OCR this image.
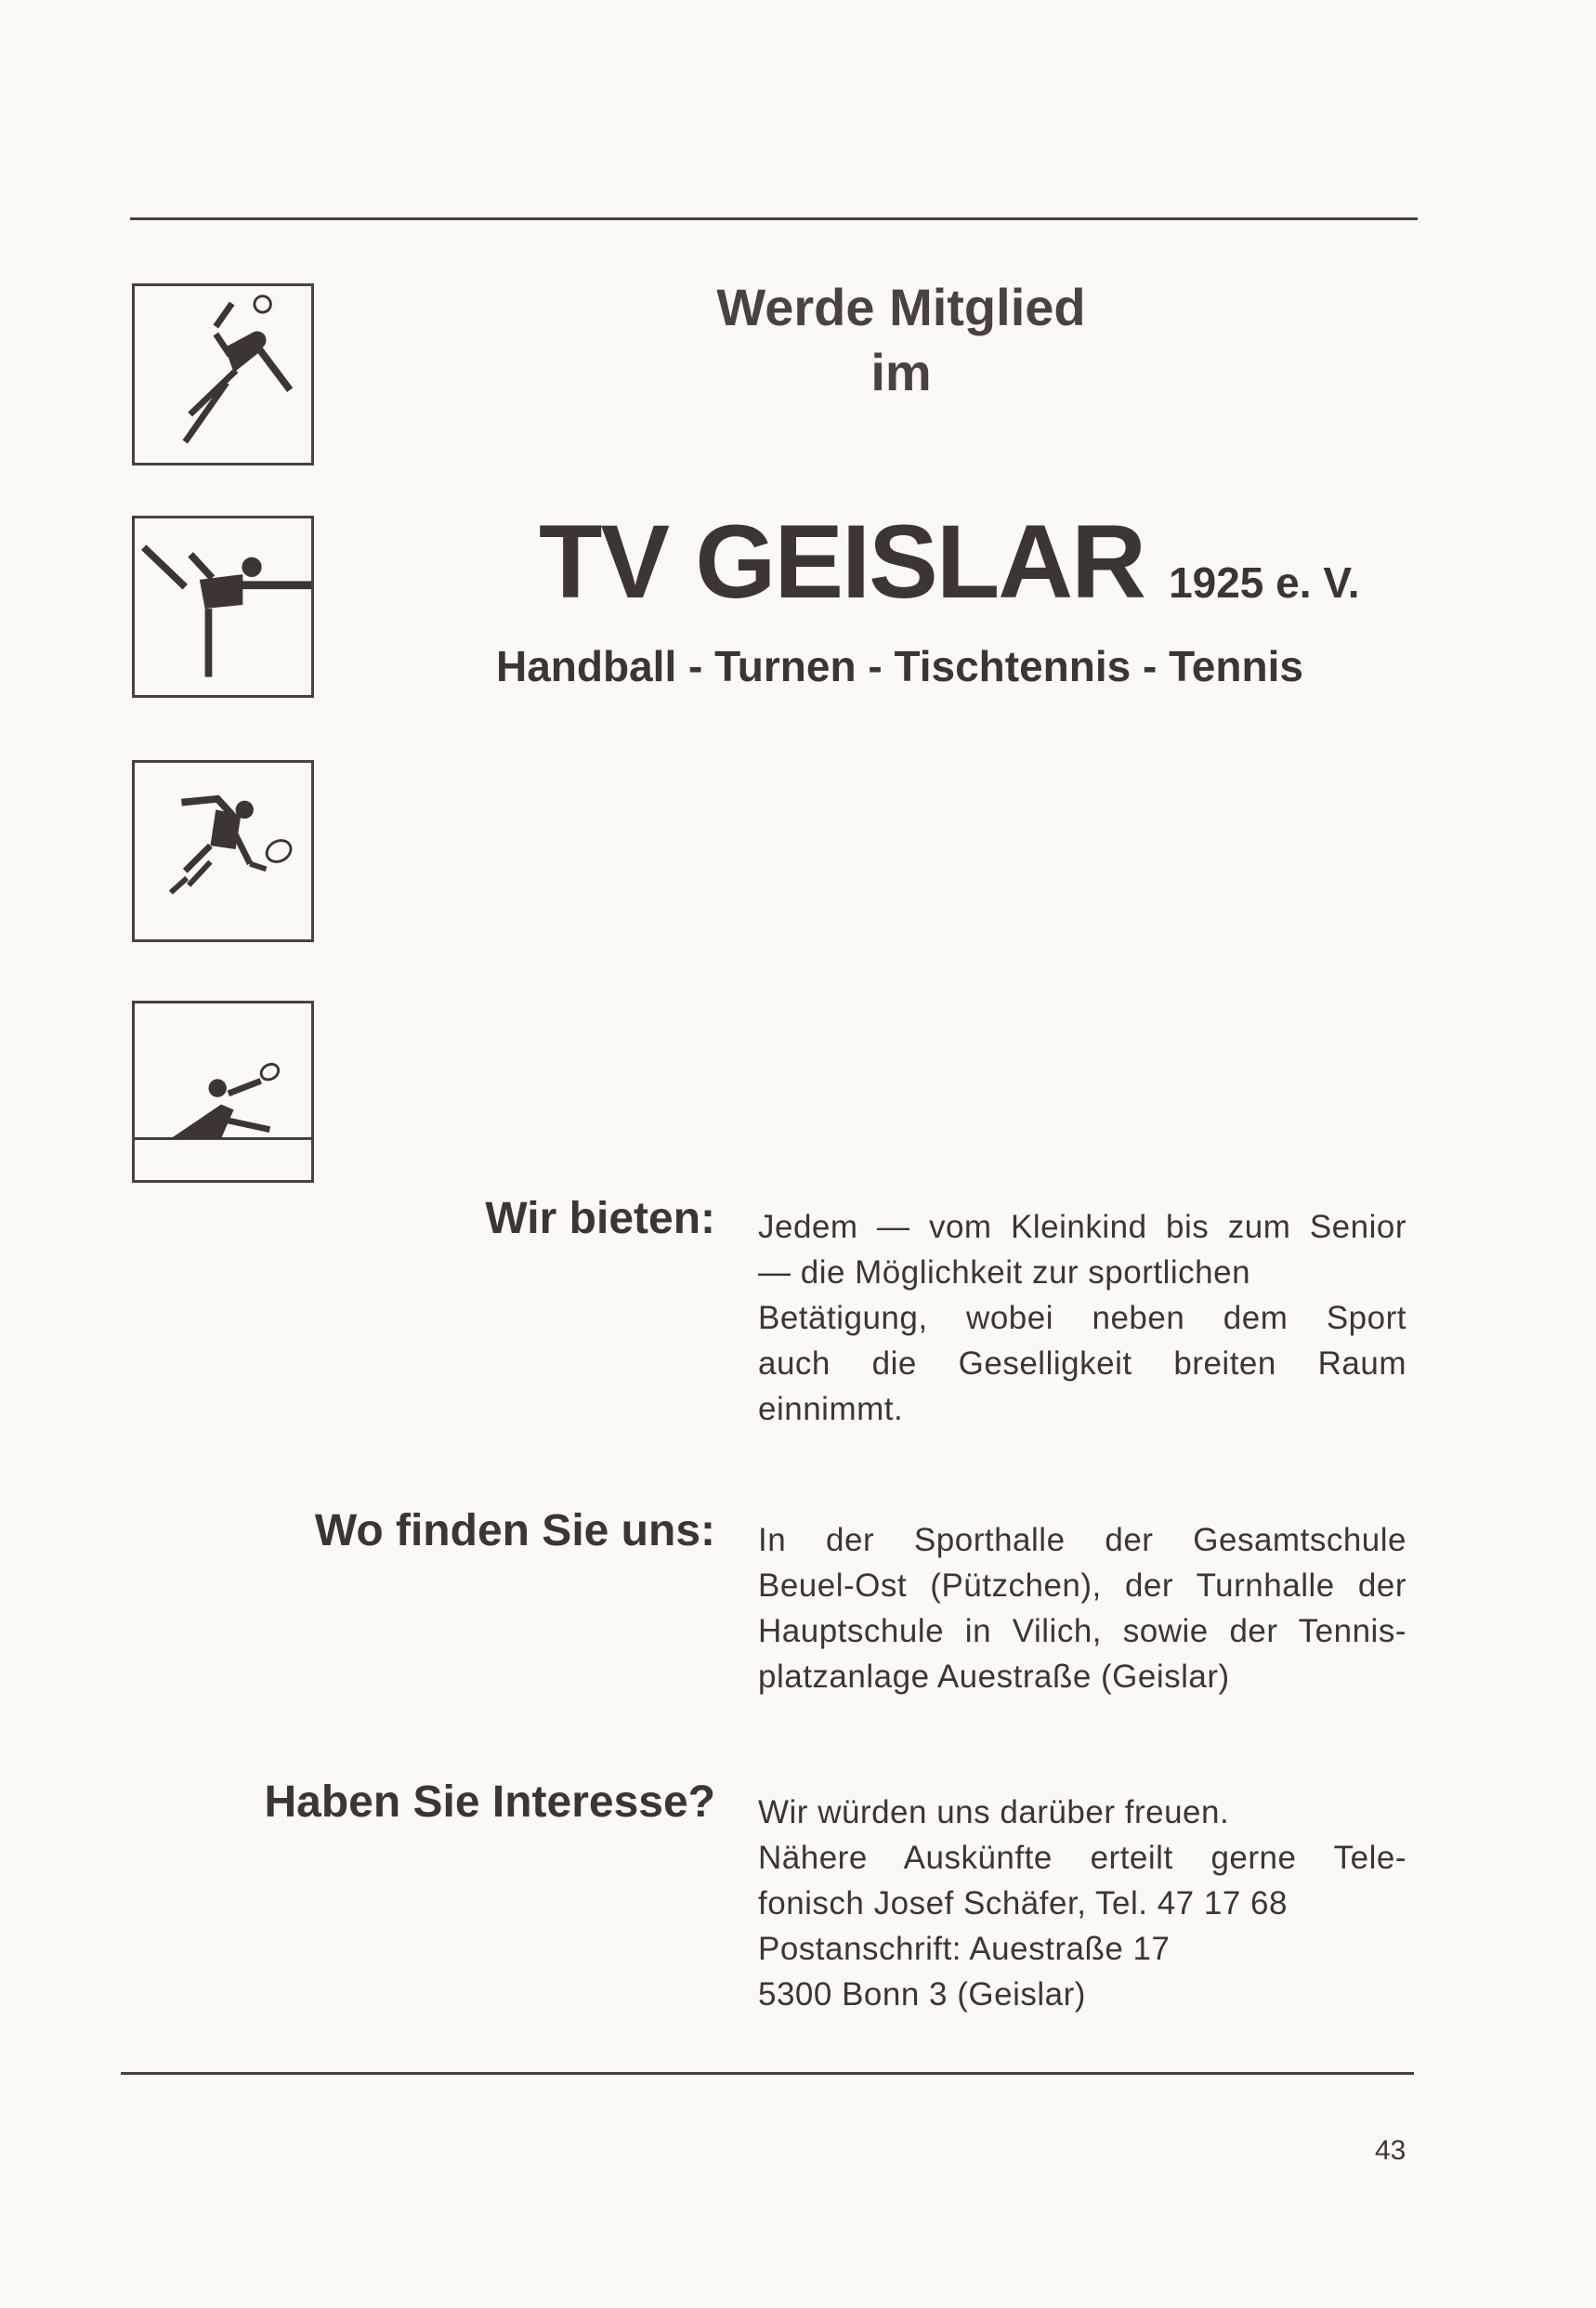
Werde Mitglied
im
TV GEISLAR 1925 e. V.
Handball - Turnen - Tischtennis - Tennis
Wir bieten: Jedem — vom Kleinkind bis zum Senior
— die Möglichkeit zur sportlichen
Betätigung, wobei neben dem Sport
auch die Geselligkeit breiten Raum
einnimmt.
Wo finden Sie uns: In der Sporthalle der Gesamtschule
Beuel-Ost (Pützchen), der Turnhalle der
Hauptschule in Vilich, sowie der Tennis-
platzanlage Auestraße (Geislar)
Haben Sie Interesse? Wir würden uns darüber freuen.
Nähere Auskünfte erteilt gerne Tele-
fonisch Josef Schäfer, Tel. 47 17 68
Postanschrift: Auestraße 17
5300 Bonn 3 (Geislar)
43
